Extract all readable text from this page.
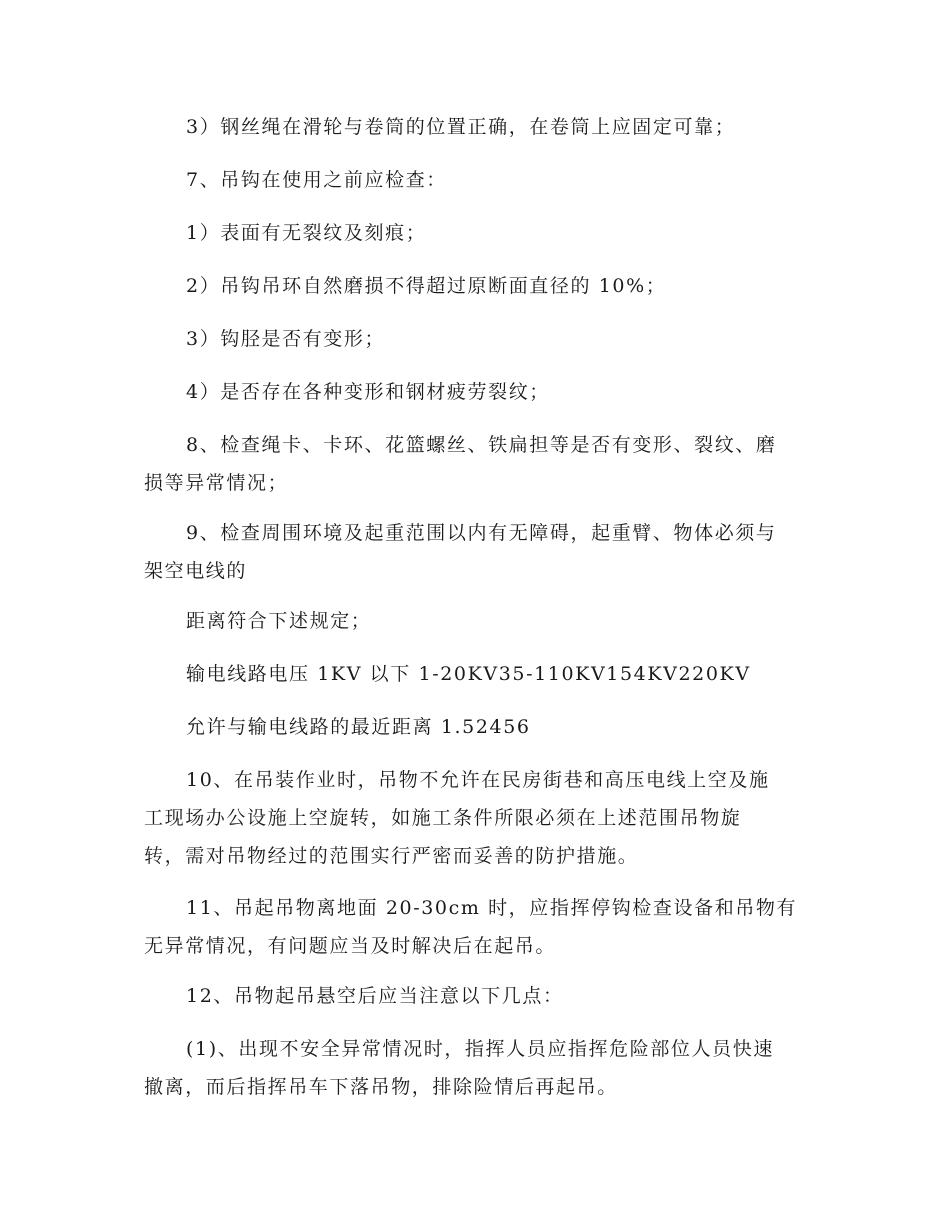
3）钢丝绳在滑轮与卷筒的位置正确，在卷筒上应固定可靠；

7、吊钩在使用之前应检查：

1）表面有无裂纹及刻痕；

2）吊钩吊环自然磨损不得超过原断面直径的 10%；

3）钩胫是否有变形；

4）是否存在各种变形和钢材疲劳裂纹；

8、检查绳卡、卡环、花篮螺丝、铁扁担等是否有变形、裂纹、磨
损等异常情况；

9、检查周围环境及起重范围以内有无障碍，起重臂、物体必须与
架空电线的

距离符合下述规定；

输电线路电压 1KV 以下 1-20KV35-110KV154KV220KV

允许与输电线路的最近距离 1.52456

10、在吊装作业时，吊物不允许在民房街巷和高压电线上空及施
工现场办公设施上空旋转，如施工条件所限必须在上述范围吊物旋
转，需对吊物经过的范围实行严密而妥善的防护措施。

11、吊起吊物离地面 20-30cm 时，应指挥停钩检查设备和吊物有
无异常情况，有问题应当及时解决后在起吊。

12、吊物起吊悬空后应当注意以下几点：

(1)、出现不安全异常情况时，指挥人员应指挥危险部位人员快速
撤离，而后指挥吊车下落吊物，排除险情后再起吊。
